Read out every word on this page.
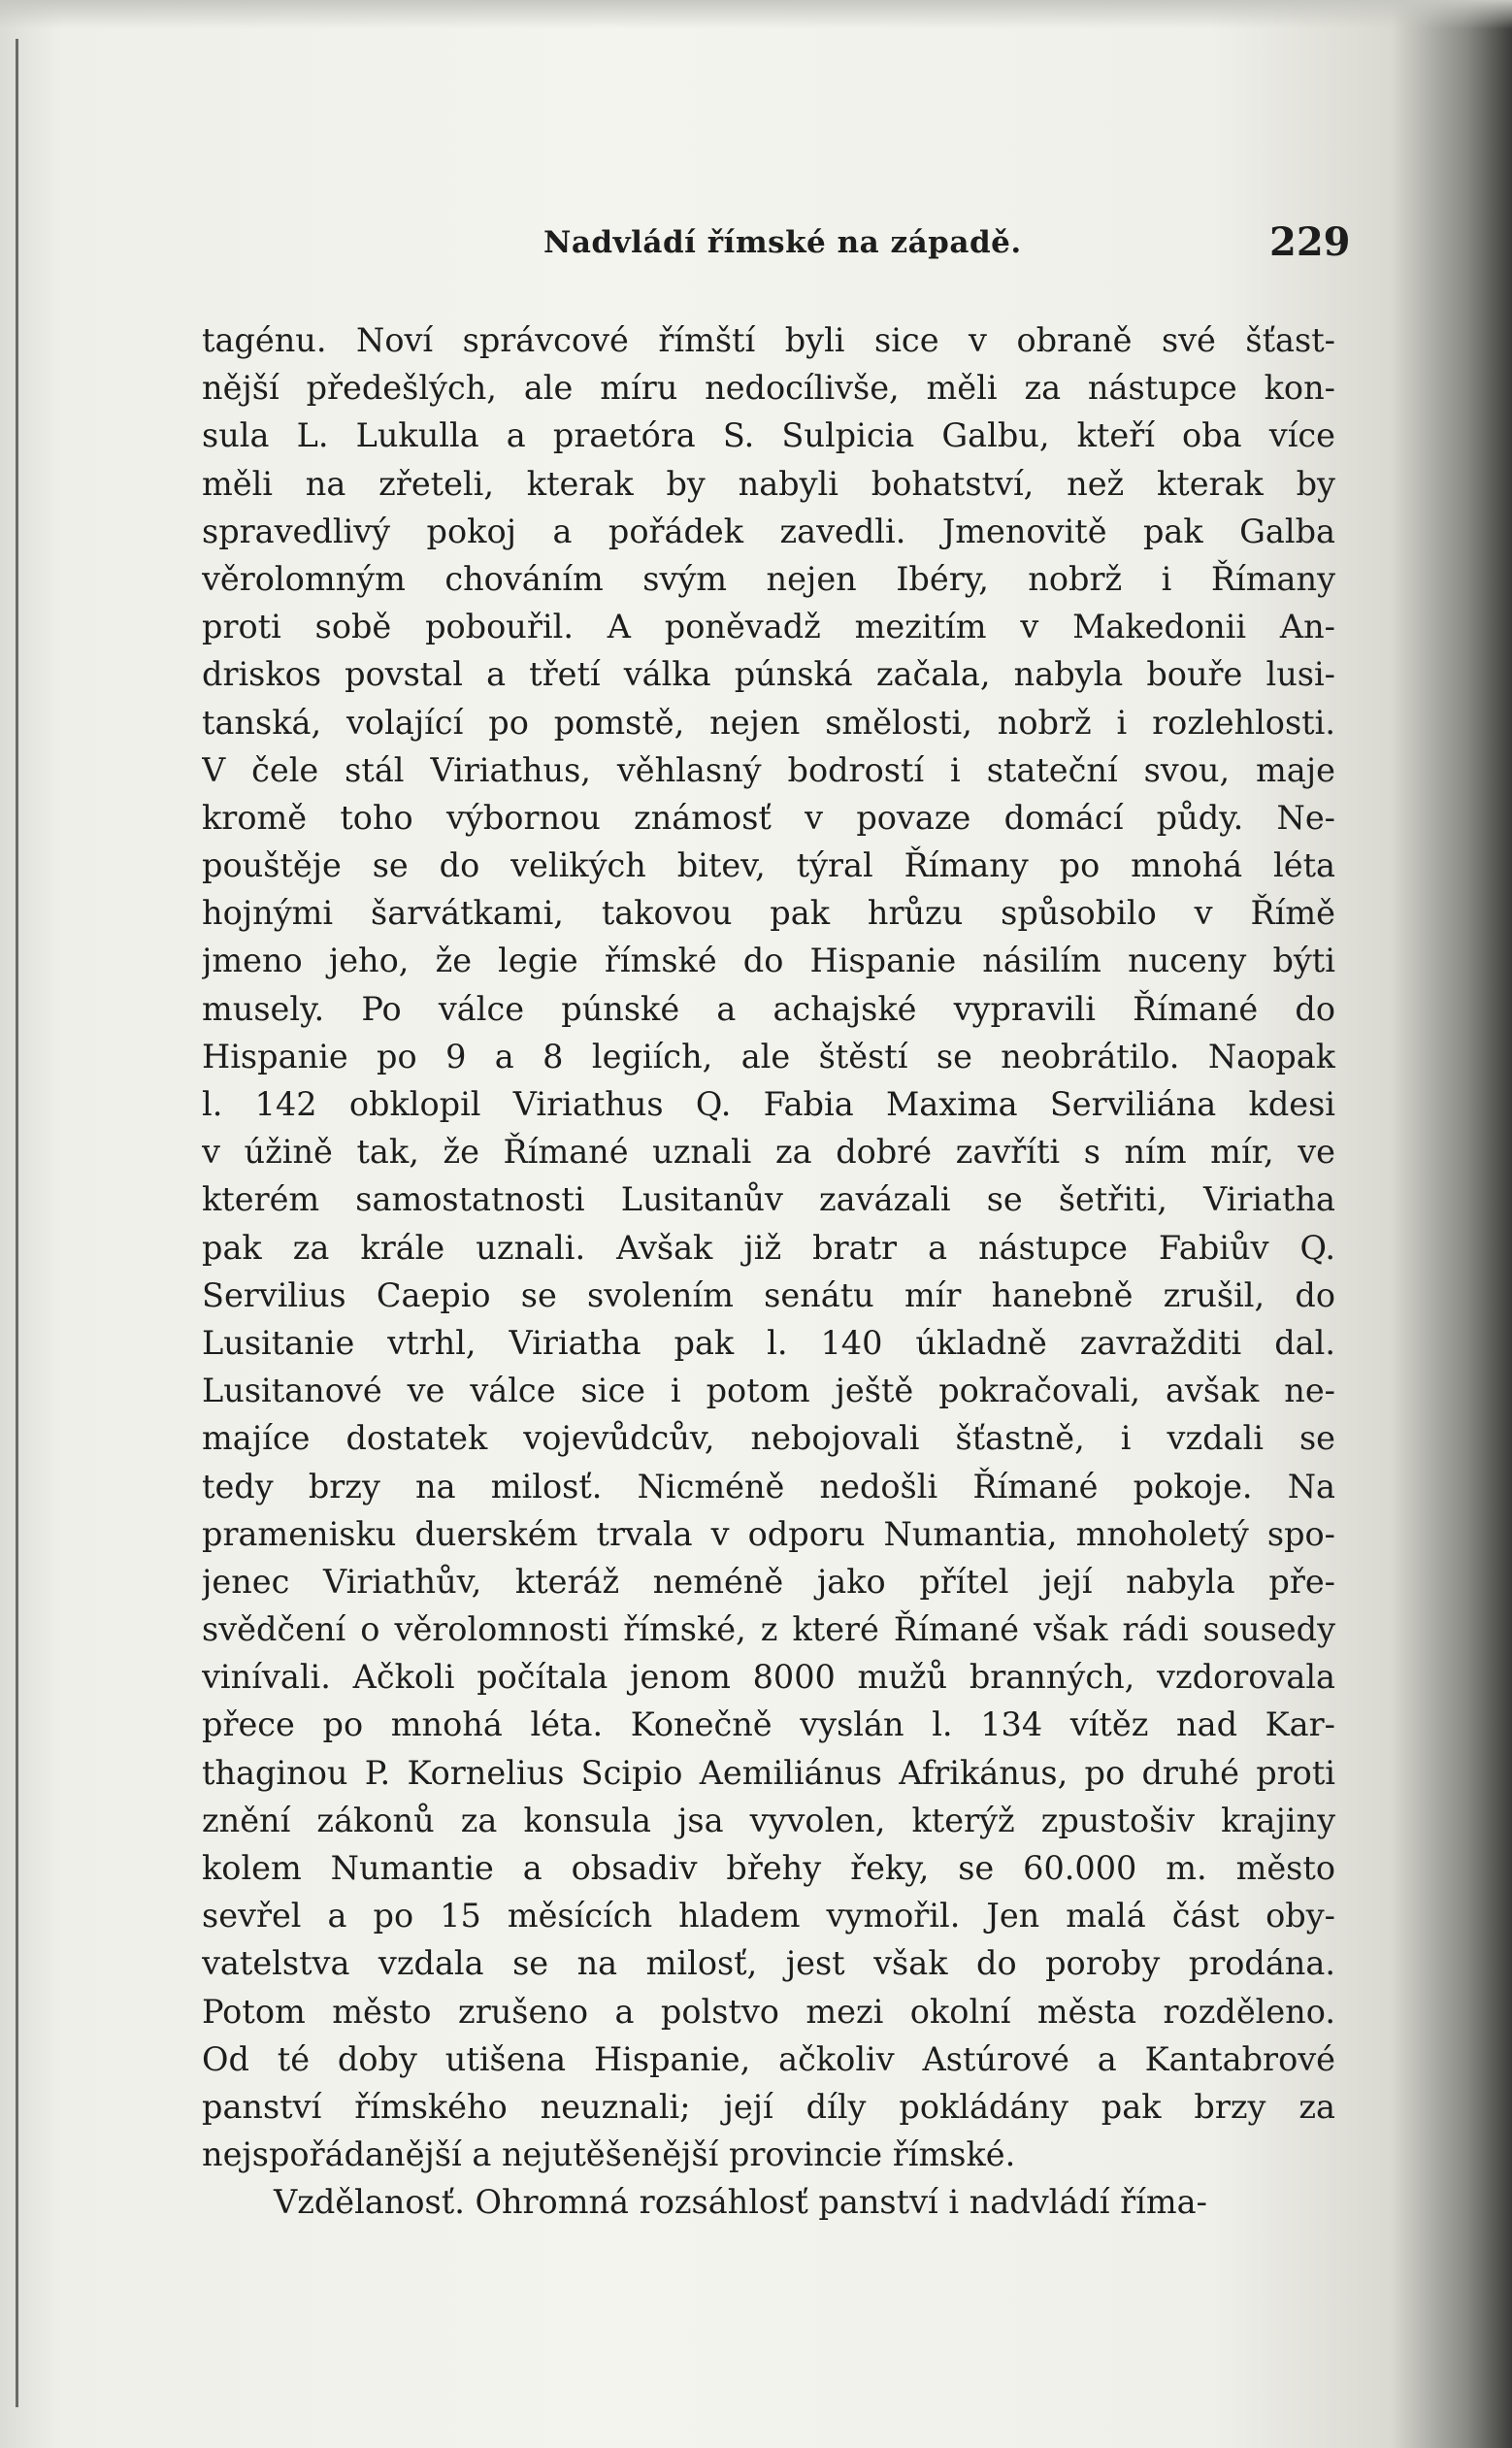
Nadvládí římské na západě.	229
tagénu. Noví správcové římští byli sice v obraně své šťast-
nější předešlých, ale míru nedocílivše, měli za nástupce kon-
sula L. Lukulla a praetóra S. Sulpicia Galbu, kteří oba více
měli na zřeteli, kterak by nabyli bohatství, než kterak by
spravedlivý pokoj a pořádek zavedli. Jmenovitě pak Galba
věrolomným chováním svým nejen Ibéry, nobrž i Římany
proti sobě pobouřil. A poněvadž mezitím v Makedonii An-
driskos povstal a třetí válka púnská začala, nabyla bouře lusi-
tanská, volající po pomstě, nejen smělosti, nobrž i rozlehlosti.
V čele stál Viriathus, věhlasný bodrostí i stateční svou, maje
kromě toho výbornou známosť v povaze domácí půdy. Ne-
pouštěje se do velikých bitev, týral Římany po mnohá léta
hojnými šarvátkami, takovou pak hrůzu spůsobilo v Římě
jmeno jeho, že legie římské do Hispanie násilím nuceny býti
musely. Po válce púnské a achajské vypravili Římané do
Hispanie po 9 a 8 legiích, ale štěstí se neobrátilo. Naopak
l. 142 obklopil Viriathus Q. Fabia Maxima Serviliána kdesi
v úžině tak, že Římané uznali za dobré zavříti s ním mír, ve
kterém samostatnosti Lusitanův zavázali se šetřiti, Viriatha
pak za krále uznali. Avšak již bratr a nástupce Fabiův Q.
Servilius Caepio se svolením senátu mír hanebně zrušil, do
Lusitanie vtrhl, Viriatha pak l. 140 úkladně zavražditi dal.
Lusitanové ve válce sice i potom ještě pokračovali, avšak ne-
majíce dostatek vojevůdcův, nebojovali šťastně, i vzdali se
tedy brzy na milosť. Nicméně nedošli Římané pokoje. Na
pramenisku duerském trvala v odporu Numantia, mnoholetý spo-
jenec Viriathův, kteráž neméně jako přítel její nabyla pře-
svědčení o věrolomnosti římské, z které Římané však rádi sousedy
vinívali. Ačkoli počítala jenom 8000 mužů branných, vzdorovala
přece po mnohá léta. Konečně vyslán l. 134 vítěz nad Kar-
thaginou P. Kornelius Scipio Aemiliánus Afrikánus, po druhé proti
znění zákonů za konsula jsa vyvolen, kterýž zpustošiv krajiny
kolem Numantie a obsadiv břehy řeky, se 60.000 m. město
sevřel a po 15 měsících hladem vymořil. Jen malá část oby-
vatelstva vzdala se na milosť, jest však do poroby prodána.
Potom město zrušeno a polstvo mezi okolní města rozděleno.
Od té doby utišena Hispanie, ačkoliv Astúrové a Kantabrové
panství římského neuznali; její díly pokládány pak brzy za
nejspořádanější a nejutěšenější provincie římské.
Vzdělanosť. Ohromná rozsáhlosť panství i nadvládí říma-
